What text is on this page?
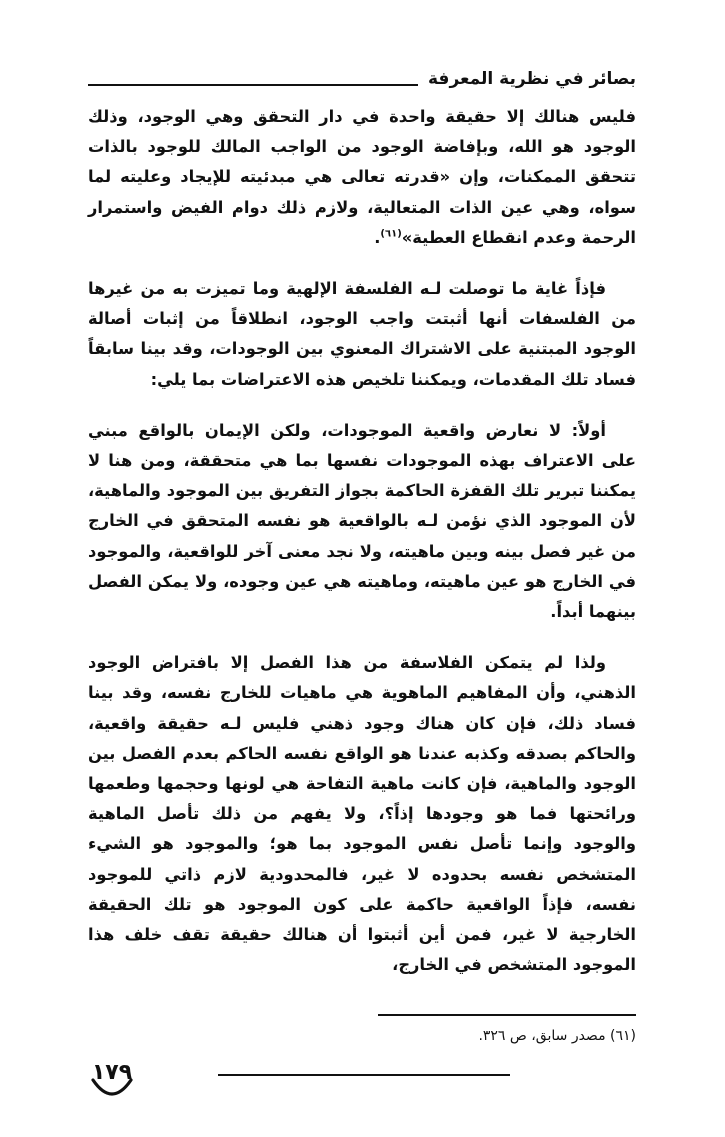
بصائر في نظرية المعرفة

فليس هنالك إلا حقيقة واحدة في دار التحقق وهي الوجود، وذلك الوجود هو الله، وبإفاضة الوجود من الواجب المالك للوجود بالذات تتحقق الممكنات، وإن «قدرته تعالى هي مبدئيته للإيجاد وعليته لما سواه، وهي عين الذات المتعالية، ولازم ذلك دوام الفيض واستمرار الرحمة وعدم انقطاع العطية»$^{(٦١)}$.

فإذاً غاية ما توصلت لـه الفلسفة الإلهية وما تميزت به من غيرها من الفلسفات أنها أثبتت واجب الوجود، انطلاقاً من إثبات أصالة الوجود المبتنية على الاشتراك المعنوي بين الوجودات، وقد بينا سابقاً فساد تلك المقدمات، ويمكننا تلخيص هذه الاعتراضات بما يلي:

أولاً: لا نعارض واقعية الموجودات، ولكن الإيمان بالواقع مبني على الاعتراف بهذه الموجودات نفسها بما هي متحققة، ومن هنا لا يمكننا تبرير تلك القفزة الحاكمة بجواز التفريق بين الموجود والماهية، لأن الموجود الذي نؤمن لـه بالواقعية هو نفسه المتحقق في الخارج من غير فصل بينه وبين ماهيته، ولا نجد معنى آخر للواقعية، والموجود في الخارج هو عين ماهيته، وماهيته هي عين وجوده، ولا يمكن الفصل بينهما أبداً.

ولذا لم يتمكن الفلاسفة من هذا الفصل إلا بافتراض الوجود الذهني، وأن المفاهيم الماهوية هي ماهيات للخارج نفسه، وقد بينا فساد ذلك، فإن كان هناك وجود ذهني فليس لـه حقيقة واقعية، والحاكم بصدقه وكذبه عندنا هو الواقع نفسه الحاكم بعدم الفصل بين الوجود والماهية، فإن كانت ماهية التفاحة هي لونها وحجمها وطعمها ورائحتها فما هو وجودها إذاً؟، ولا يفهم من ذلك تأصل الماهية والوجود وإنما تأصل نفس الموجود بما هو؛ والموجود هو الشيء المتشخص نفسه بحدوده لا غير، فالمحدودية لازم ذاتي للموجود نفسه، فإذاً الواقعية حاكمة على كون الموجود هو تلك الحقيقة الخارجية لا غير، فمن أين أثبتوا أن هنالك حقيقة تقف خلف هذا الموجود المتشخص في الخارج،

(٦١) مصدر سابق، ص ٣٢٦.
١٧٩
